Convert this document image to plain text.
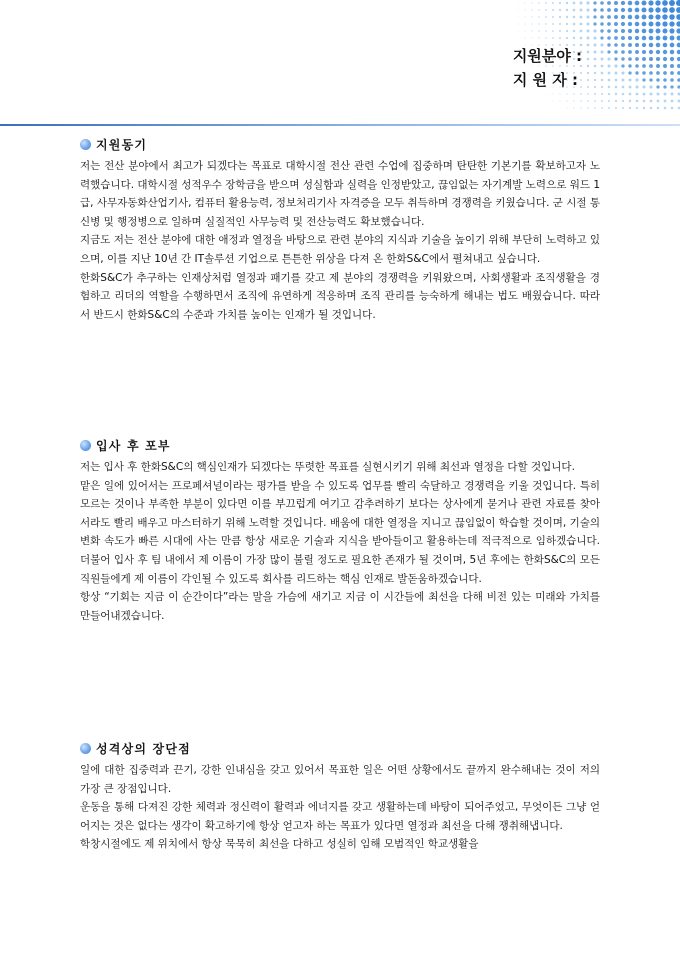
지원분야 :
지 원 자 :
지원동기

저는 전산 분야에서 최고가 되겠다는 목표로 대학시절 전산 관련 수업에 집중하며 탄탄한 기본기를 확보하고자 노력했습니다. 대학시절 성적우수 장학금을 받으며 성실함과 실력을 인정받았고, 끊임없는 자기계발 노력으로 워드 1급, 사무자동화산업기사, 컴퓨터 활용능력, 정보처리기사 자격증을 모두 취득하며 경쟁력을 키웠습니다. 군 시절 통신병 및 행정병으로 일하며 실질적인 사무능력 및 전산능력도 확보했습니다.

지금도 저는 전산 분야에 대한 애정과 열정을 바탕으로 관련 분야의 지식과 기술을 높이기 위해 부단히 노력하고 있으며, 이를 지난 10년 간 IT솔루션 기업으로 튼튼한 위상을 다져 온 한화S&C에서 펼쳐내고 싶습니다.

한화S&C가 추구하는 인재상처럼 열정과 패기를 갖고 제 분야의 경쟁력을 키워왔으며, 사회생활과 조직생활을 경험하고 리더의 역할을 수행하면서 조직에 유연하게 적응하며 조직 관리를 능숙하게 해내는 법도 배웠습니다. 따라서 반드시 한화S&C의 수준과 가치를 높이는 인재가 될 것입니다.

입사 후 포부

저는 입사 후 한화S&C의 핵심인재가 되겠다는 뚜렷한 목표를 실현시키기 위해 최선과 열정을 다할 것입니다.

맡은 일에 있어서는 프로페셔널이라는 평가를 받을 수 있도록 업무를 빨리 숙달하고 경쟁력을 키울 것입니다. 특히 모르는 것이나 부족한 부분이 있다면 이를 부끄럽게 여기고 감추려하기 보다는 상사에게 묻거나 관련 자료를 찾아서라도 빨리 배우고 마스터하기 위해 노력할 것입니다. 배움에 대한 열정을 지니고 끊임없이 학습할 것이며, 기술의 변화 속도가 빠른 시대에 사는 만큼 항상 새로운 기술과 지식을 받아들이고 활용하는데 적극적으로 임하겠습니다. 더불어 입사 후 팀 내에서 제 이름이 가장 많이 불릴 정도로 필요한 존재가 될 것이며, 5년 후에는 한화S&C의 모든 직원들에게 제 이름이 각인될 수 있도록 회사를 리드하는 핵심 인재로 발돋움하겠습니다.

항상 “기회는 지금 이 순간이다”라는 말을 가슴에 새기고 지금 이 시간들에 최선을 다해 비전 있는 미래와 가치를 만들어내겠습니다.

성격상의 장단점

일에 대한 집중력과 끈기, 강한 인내심을 갖고 있어서 목표한 일은 어떤 상황에서도 끝까지 완수해내는 것이 저의 가장 큰 장점입니다.

운동을 통해 다져진 강한 체력과 정신력이 활력과 에너지를 갖고 생활하는데 바탕이 되어주었고, 무엇이든 그냥 얻어지는 것은 없다는 생각이 확고하기에 항상 얻고자 하는 목표가 있다면 열정과 최선을 다해 쟁취해냅니다.

학창시절에도 제 위치에서 항상 묵묵히 최선을 다하고 성실히 임해 모범적인 학교생활을
